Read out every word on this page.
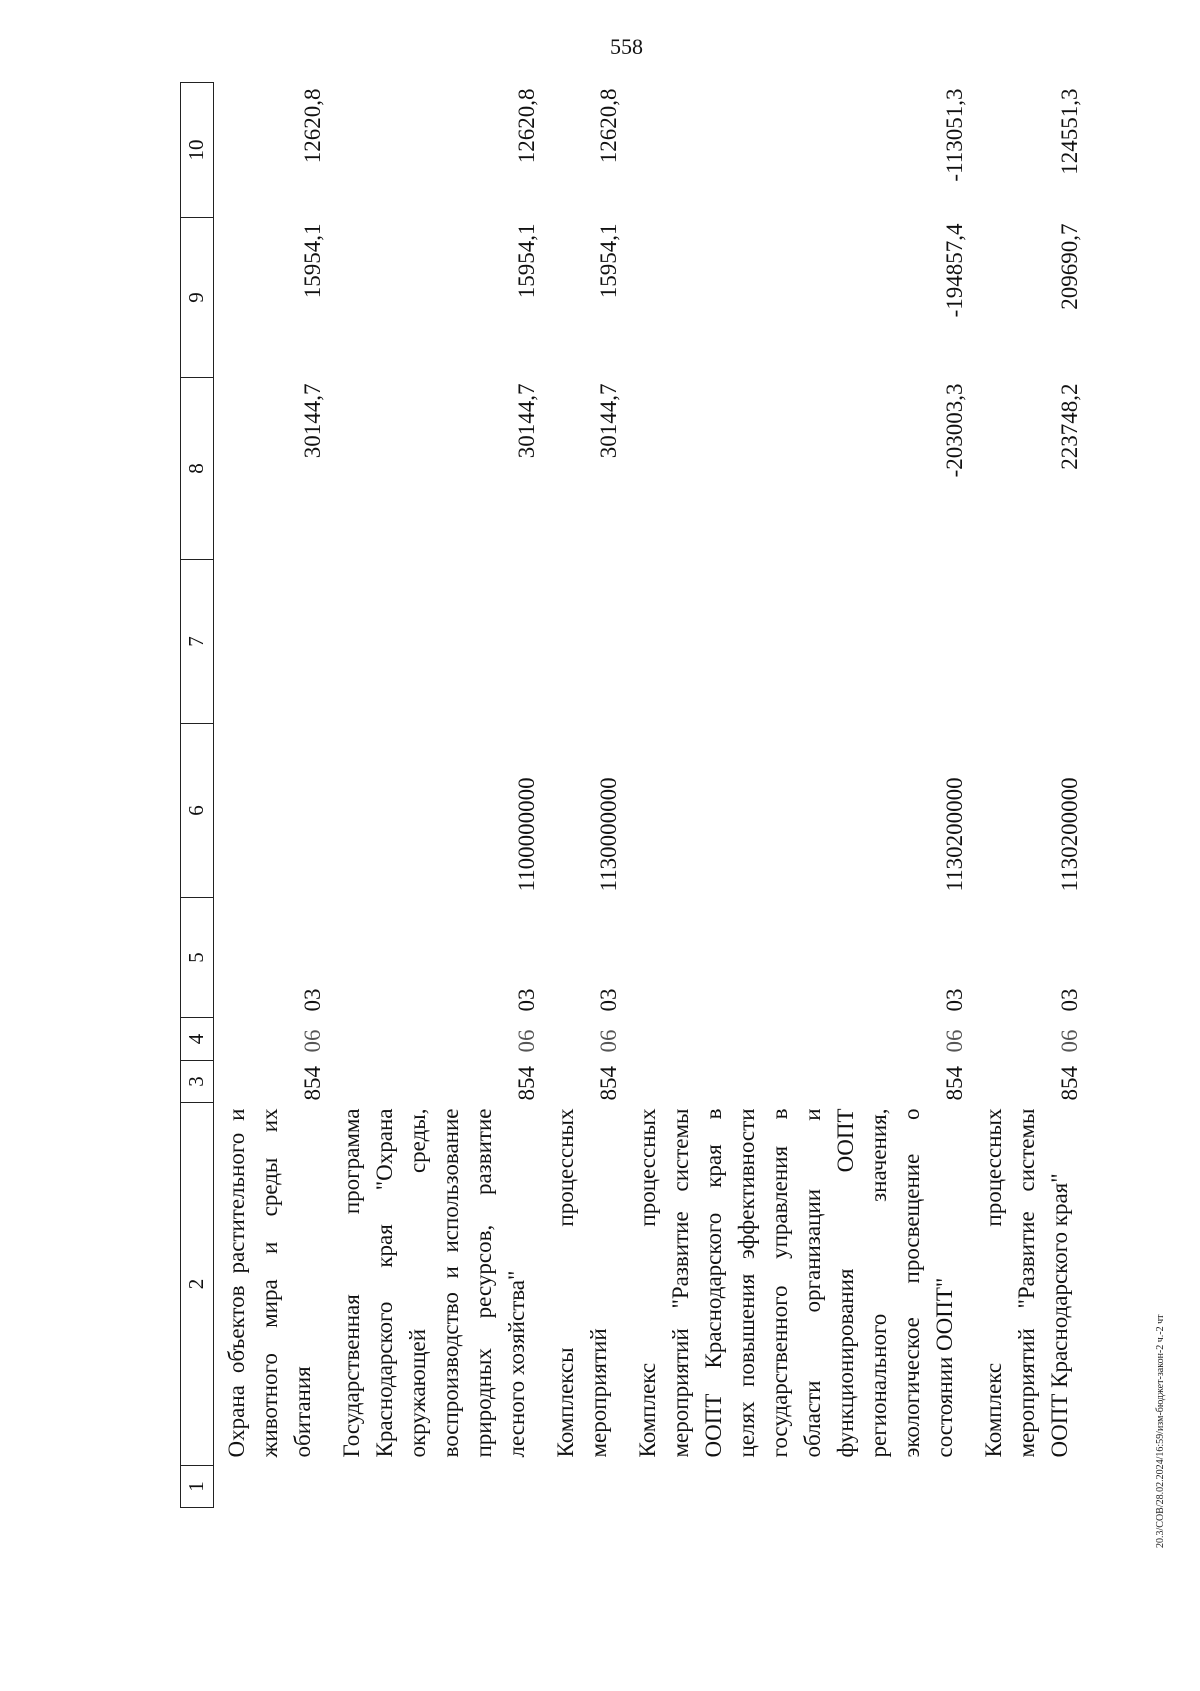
558
1	2	3	4	5	6	7	8	9	10
	Охрана объектов растительного и животного мира и среды их обитания	854	06	03			30144,7	15954,1	12620,8
	Государственная программа Краснодарского края "Охрана окружающей среды, воспроизводство и использование природных ресурсов, развитие лесного хозяйства"	854	06	03	1100000000		30144,7	15954,1	12620,8
	Комплексы процессных мероприятий	854	06	03	1130000000		30144,7	15954,1	12620,8
	Комплекс процессных мероприятий "Развитие системы ООПТ Краснодарского края в целях повышения эффективности государственного управления в области организации и функционирования ООПТ регионального значения, экологическое просвещение о состоянии ООПТ"	854	06	03	1130200000		-203003,3	-194857,4	-113051,3
	Комплекс процессных мероприятий "Развитие системы ООПТ Краснодарского края"	854	06	03	1130200000		223748,2	209690,7	124551,3
20.3/СОВ/28.02.2024/16:59/изм-бюджет-закон-2 ч.-2 чт
